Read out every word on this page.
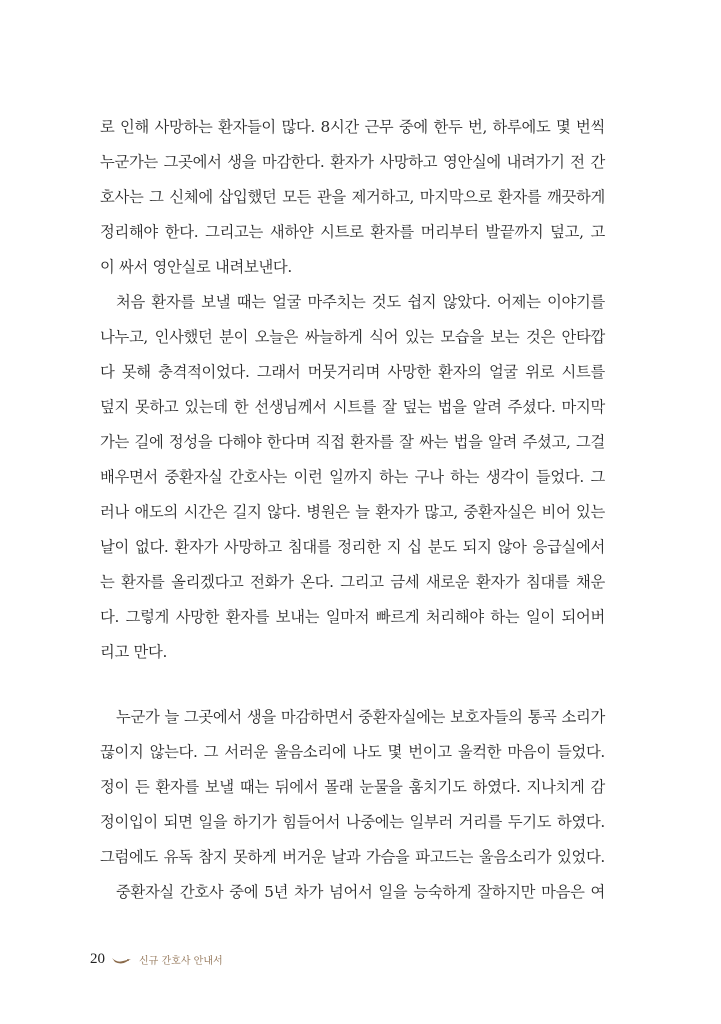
로 인해 사망하는 환자들이 많다. 8시간 근무 중에 한두 번, 하루에도 몇 번씩
누군가는 그곳에서 생을 마감한다. 환자가 사망하고 영안실에 내려가기 전 간
호사는 그 신체에 삽입했던 모든 관을 제거하고, 마지막으로 환자를 깨끗하게
정리해야 한다. 그리고는 새하얀 시트로 환자를 머리부터 발끝까지 덮고, 고
이 싸서 영안실로 내려보낸다.
처음 환자를 보낼 때는 얼굴 마주치는 것도 쉽지 않았다. 어제는 이야기를
나누고, 인사했던 분이 오늘은 싸늘하게 식어 있는 모습을 보는 것은 안타깝
다 못해 충격적이었다. 그래서 머뭇거리며 사망한 환자의 얼굴 위로 시트를
덮지 못하고 있는데 한 선생님께서 시트를 잘 덮는 법을 알려 주셨다. 마지막
가는 길에 정성을 다해야 한다며 직접 환자를 잘 싸는 법을 알려 주셨고, 그걸
배우면서 중환자실 간호사는 이런 일까지 하는 구나 하는 생각이 들었다. 그
러나 애도의 시간은 길지 않다. 병원은 늘 환자가 많고, 중환자실은 비어 있는
날이 없다. 환자가 사망하고 침대를 정리한 지 십 분도 되지 않아 응급실에서
는 환자를 올리겠다고 전화가 온다. 그리고 금세 새로운 환자가 침대를 채운
다. 그렇게 사망한 환자를 보내는 일마저 빠르게 처리해야 하는 일이 되어버
리고 만다.
누군가 늘 그곳에서 생을 마감하면서 중환자실에는 보호자들의 통곡 소리가
끊이지 않는다. 그 서러운 울음소리에 나도 몇 번이고 울컥한 마음이 들었다.
정이 든 환자를 보낼 때는 뒤에서 몰래 눈물을 훔치기도 하였다. 지나치게 감
정이입이 되면 일을 하기가 힘들어서 나중에는 일부러 거리를 두기도 하였다.
그럼에도 유독 참지 못하게 버거운 날과 가슴을 파고드는 울음소리가 있었다.
중환자실 간호사 중에 5년 차가 넘어서 일을 능숙하게 잘하지만 마음은 여
20	신규 간호사 안내서
